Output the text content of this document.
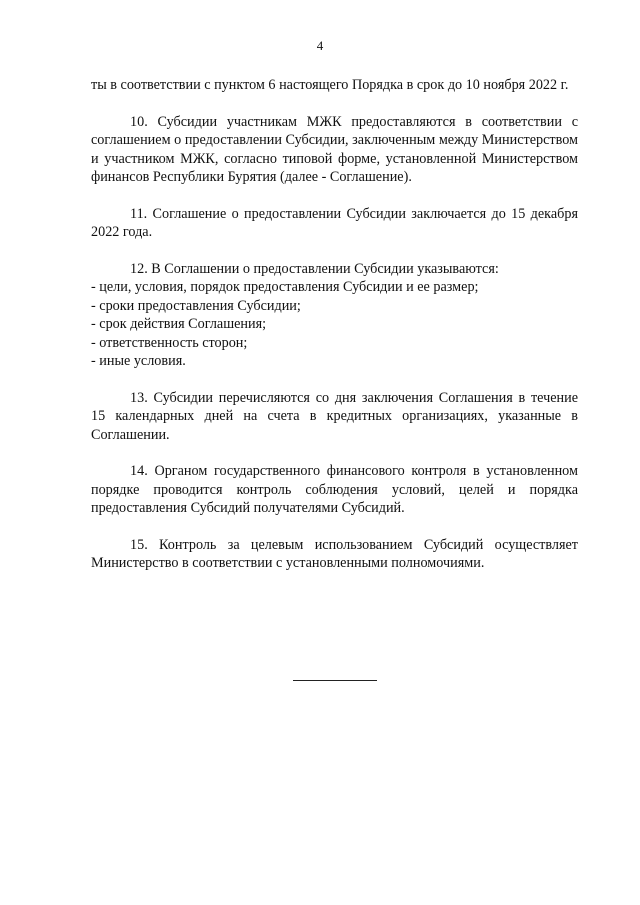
4

ты в соответствии с пунктом 6 настоящего Порядка в срок до 10 ноября 2022 г.

10. Субсидии участникам МЖК предоставляются в соответствии с соглашением о предоставлении Субсидии, заключенным между Министерством и участником МЖК, согласно типовой форме, установленной Министерством финансов Республики Бурятия (далее - Соглашение).

11. Соглашение о предоставлении Субсидии заключается до 15 декабря 2022 года.

12. В Соглашении о предоставлении Субсидии указываются:

- цели, условия, порядок предоставления Субсидии и ее размер;
- сроки предоставления Субсидии;
- срок действия Соглашения;
- ответственность сторон;
- иные условия.

13. Субсидии перечисляются со дня заключения Соглашения в течение 15 календарных дней на счета в кредитных организациях, указанные в Соглашении.

14. Органом государственного финансового контроля в установленном порядке проводится контроль соблюдения условий, целей и порядка предоставления Субсидий получателями Субсидий.

15. Контроль за целевым использованием Субсидий осуществляет Министерство в соответствии с установленными полномочиями.
